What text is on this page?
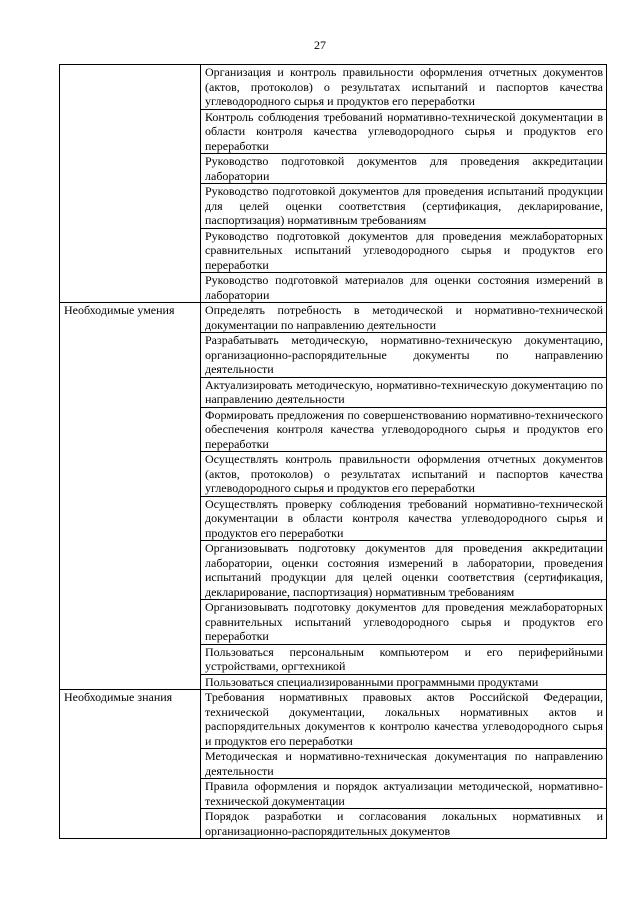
27
	Организация и контроль правильности оформления отчетных документов (актов, протоколов) о результатах испытаний и паспортов качества углеводородного сырья и продуктов его переработки
	Контроль соблюдения требований нормативно-технической документации в области контроля качества углеводородного сырья и продуктов его переработки
	Руководство подготовкой документов для проведения аккредитации лаборатории
	Руководство подготовкой документов для проведения испытаний продукции для целей оценки соответствия (сертификация, декларирование, паспортизация) нормативным требованиям
	Руководство подготовкой документов для проведения межлабораторных сравнительных испытаний углеводородного сырья и продуктов его переработки
	Руководство подготовкой материалов для оценки состояния измерений в лаборатории
Необходимые умения	Определять потребность в методической и нормативно-технической документации по направлению деятельности
	Разрабатывать методическую, нормативно-техническую документацию, организационно-распорядительные документы по направлению деятельности
	Актуализировать методическую, нормативно-техническую документацию по направлению деятельности
	Формировать предложения по совершенствованию нормативно-технического обеспечения контроля качества углеводородного сырья и продуктов его переработки
	Осуществлять контроль правильности оформления отчетных документов (актов, протоколов) о результатах испытаний и паспортов качества углеводородного сырья и продуктов его переработки
	Осуществлять проверку соблюдения требований нормативно-технической документации в области контроля качества углеводородного сырья и продуктов его переработки
	Организовывать подготовку документов для проведения аккредитации лаборатории, оценки состояния измерений в лаборатории, проведения испытаний продукции для целей оценки соответствия (сертификация, декларирование, паспортизация) нормативным требованиям
	Организовывать подготовку документов для проведения межлабораторных сравнительных испытаний углеводородного сырья и продуктов его переработки
	Пользоваться персональным компьютером и его периферийными устройствами, оргтехникой
	Пользоваться специализированными программными продуктами
Необходимые знания	Требования нормативных правовых актов Российской Федерации, технической документации, локальных нормативных актов и распорядительных документов к контролю качества углеводородного сырья и продуктов его переработки
	Методическая и нормативно-техническая документация по направлению деятельности
	Правила оформления и порядок актуализации методической, нормативно-технической документации
	Порядок разработки и согласования локальных нормативных и организационно-распорядительных документов
